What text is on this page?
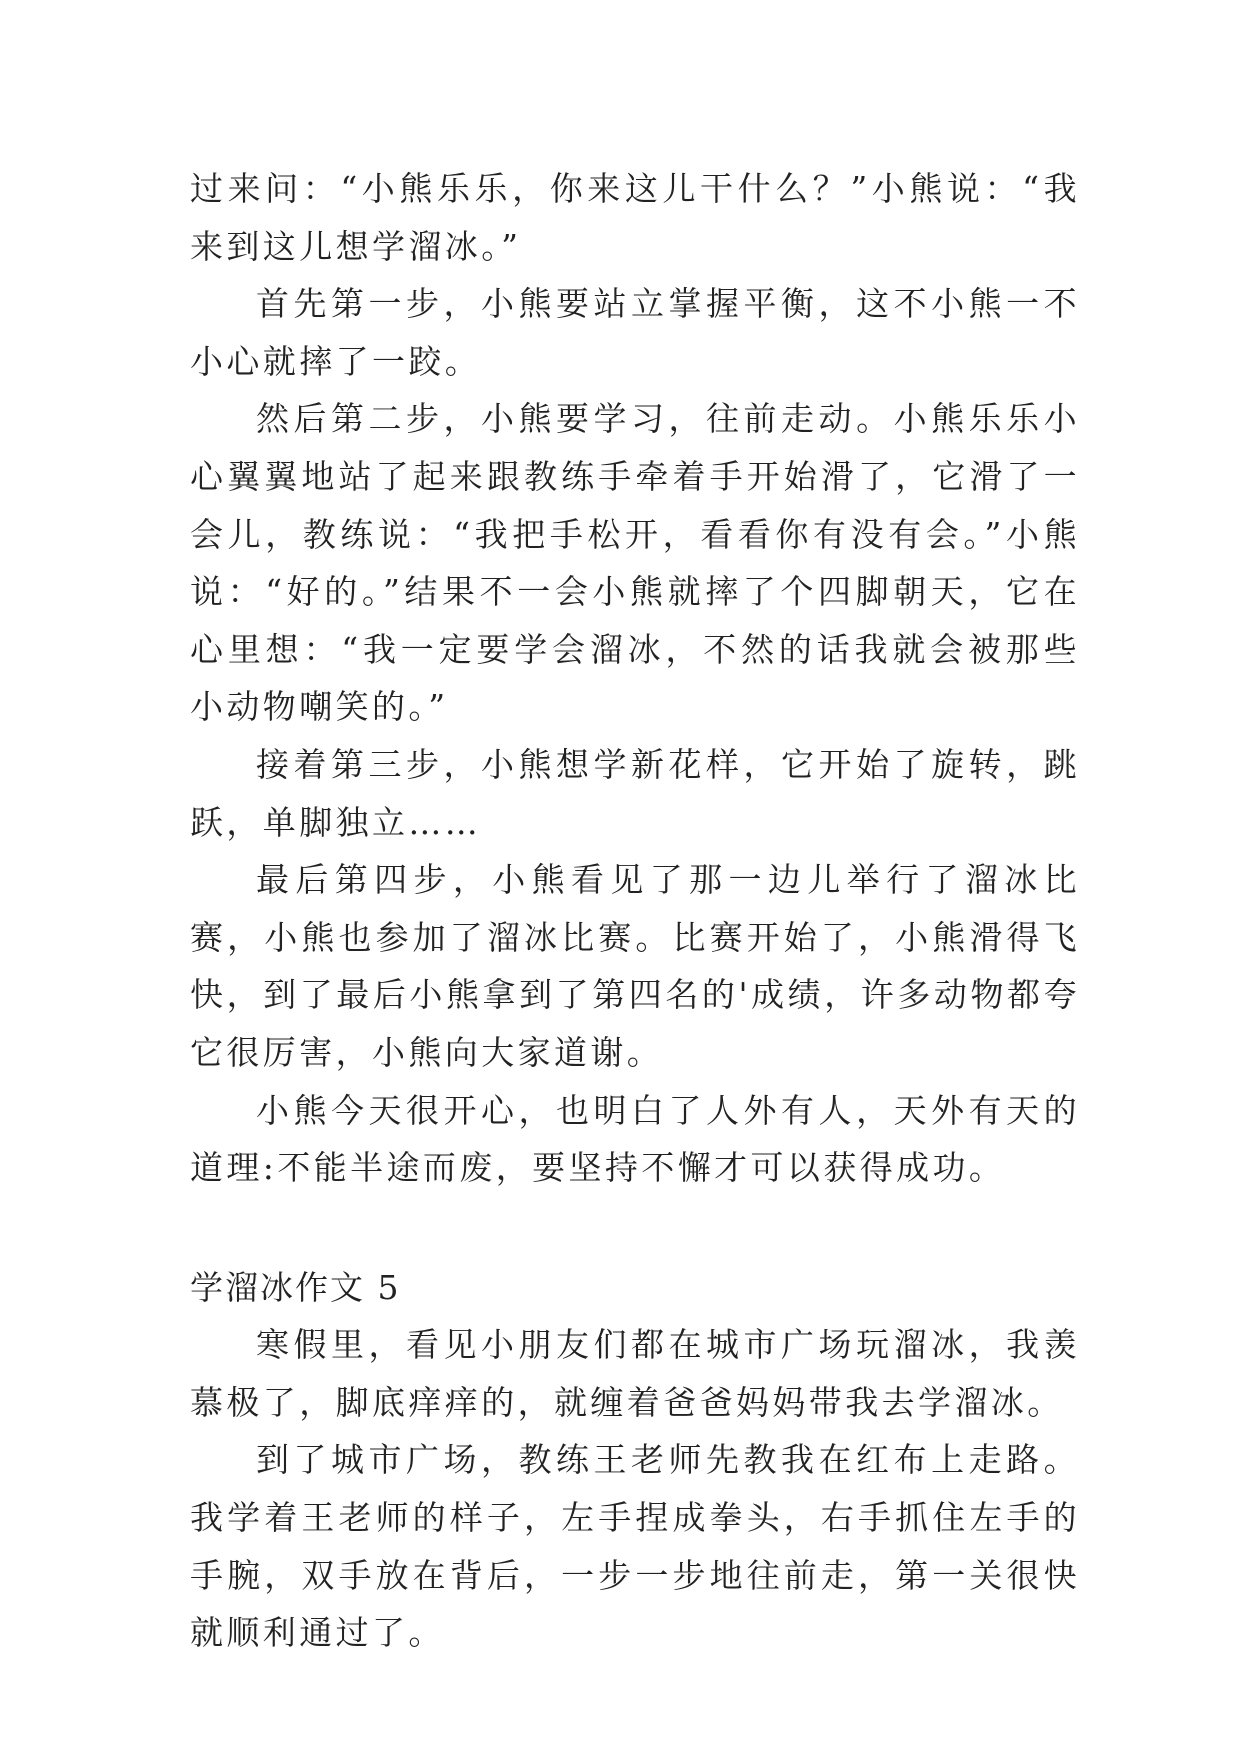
过来问：“小熊乐乐，你来这儿干什么？”小熊说：“我来到这儿想学溜冰。”

首先第一步，小熊要站立掌握平衡，这不小熊一不小心就摔了一跤。

然后第二步，小熊要学习，往前走动。小熊乐乐小心翼翼地站了起来跟教练手牵着手开始滑了，它滑了一会儿，教练说：“我把手松开，看看你有没有会。”小熊说：“好的。”结果不一会小熊就摔了个四脚朝天，它在心里想：“我一定要学会溜冰，不然的话我就会被那些小动物嘲笑的。”

接着第三步，小熊想学新花样，它开始了旋转，跳跃，单脚独立……

最后第四步，小熊看见了那一边儿举行了溜冰比赛，小熊也参加了溜冰比赛。比赛开始了，小熊滑得飞快，到了最后小熊拿到了第四名的'成绩，许多动物都夸它很厉害，小熊向大家道谢。

小熊今天很开心，也明白了人外有人，天外有天的道理:不能半途而废，要坚持不懈才可以获得成功。

学溜冰作文 5

寒假里，看见小朋友们都在城市广场玩溜冰，我羡慕极了，脚底痒痒的，就缠着爸爸妈妈带我去学溜冰。

到了城市广场，教练王老师先教我在红布上走路。我学着王老师的样子，左手捏成拳头，右手抓住左手的手腕，双手放在背后，一步一步地往前走，第一关很快就顺利通过了。
